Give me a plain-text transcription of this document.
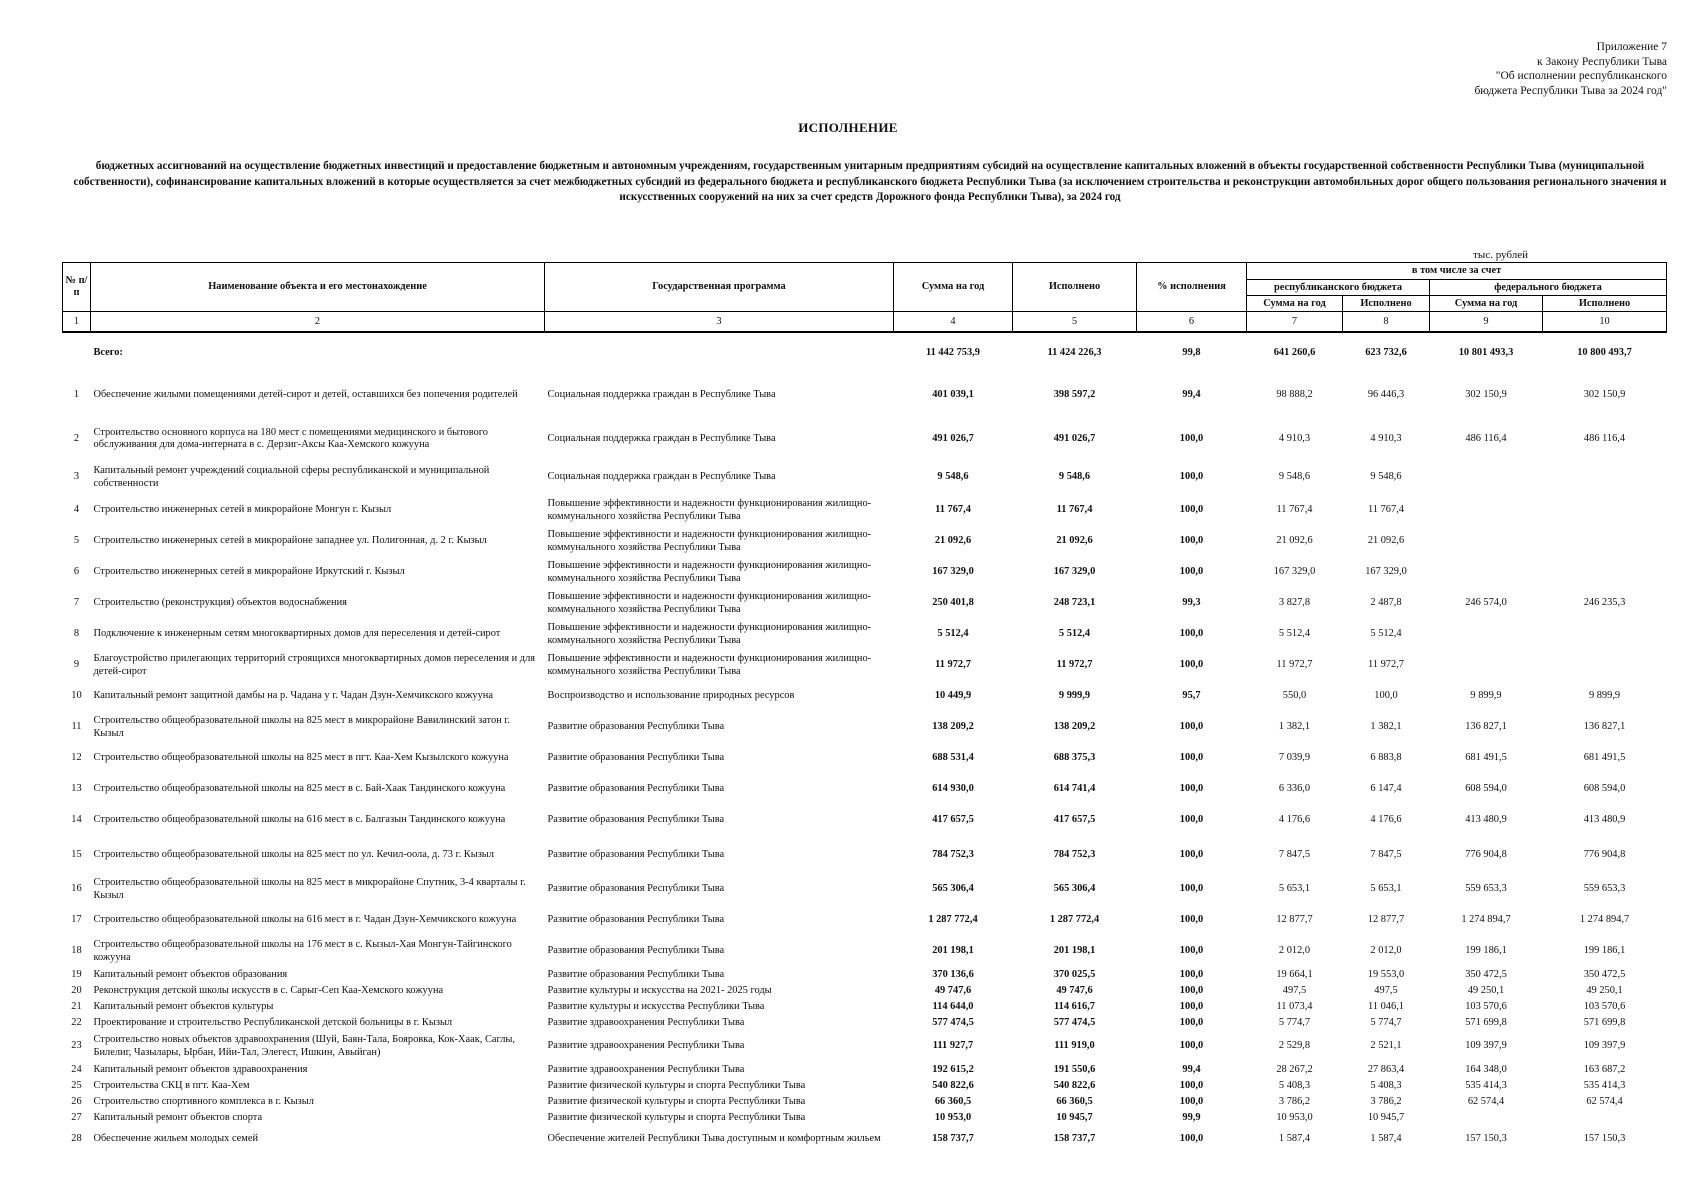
Приложение 7
к Закону Республики Тыва
"Об исполнении республиканского
бюджета Республики Тыва за 2024 год"
ИСПОЛНЕНИЕ
бюджетных ассигнований на осуществление бюджетных инвестиций и предоставление бюджетным и автономным учреждениям, государственным унитарным предприятиям субсидий на осуществление капитальных вложений в объекты государственной собственности Республики Тыва (муниципальной собственности), софинансирование капитальных вложений в которые осуществляется за счет межбюджетных субсидий из федерального бюджета и республиканского бюджета Республики Тыва (за исключением строительства и реконструкции автомобильных дорог общего пользования регионального значения и искусственных сооружений на них за счет средств Дорожного фонда Республики Тыва), за 2024 год
тыс. рублей
№ п/п	Наименование объекта и его местонахождение	Государственная программа	Сумма на год	Исполнено	% исполнения	в том числе за счет			
						республиканского бюджета		федерального бюджета	
						Сумма на год	Исполнено	Сумма на год	Исполнено
1	2	3	4	5	6	7	8	9	10
	Всего:		11 442 753,9	11 424 226,3	99,8	641 260,6	623 732,6	10 801 493,3	10 800 493,7
1	Обеспечение жилыми помещениями детей-сирот и детей, оставшихся без попечения родителей	Социальная поддержка граждан в Республике Тыва	401 039,1	398 597,2	99,4	98 888,2	96 446,3	302 150,9	302 150,9
2	Строительство основного корпуса на 180 мест с помещениями медицинского и бытового обслуживания для дома-интерната в с. Дерзиг-Аксы Каа-Хемского кожууна	Социальная поддержка граждан в Республике Тыва	491 026,7	491 026,7	100,0	4 910,3	4 910,3	486 116,4	486 116,4
3	Капитальный ремонт учреждений социальной сферы республиканской и муниципальной собственности	Социальная поддержка граждан в Республике Тыва	9 548,6	9 548,6	100,0	9 548,6	9 548,6		
4	Строительство инженерных сетей в микрорайоне Монгун г. Кызыл	Повышение эффективности и надежности функционирования жилищно-коммунального хозяйства Республики Тыва	11 767,4	11 767,4	100,0	11 767,4	11 767,4		
5	Строительство инженерных сетей в микрорайоне западнее ул. Полигонная, д. 2 г. Кызыл	Повышение эффективности и надежности функционирования жилищно-коммунального хозяйства Республики Тыва	21 092,6	21 092,6	100,0	21 092,6	21 092,6		
6	Строительство инженерных сетей в микрорайоне Иркутский г. Кызыл	Повышение эффективности и надежности функционирования жилищно-коммунального хозяйства Республики Тыва	167 329,0	167 329,0	100,0	167 329,0	167 329,0		
7	Строительство (реконструкция) объектов водоснабжения	Повышение эффективности и надежности функционирования жилищно-коммунального хозяйства Республики Тыва	250 401,8	248 723,1	99,3	3 827,8	2 487,8	246 574,0	246 235,3
8	Подключение к инженерным сетям многоквартирных домов для переселения и детей-сирот	Повышение эффективности и надежности функционирования жилищно-коммунального хозяйства Республики Тыва	5 512,4	5 512,4	100,0	5 512,4	5 512,4		
9	Благоустройство прилегающих территорий строящихся многоквартирных домов переселения и для детей-сирот	Повышение эффективности и надежности функционирования жилищно-коммунального хозяйства Республики Тыва	11 972,7	11 972,7	100,0	11 972,7	11 972,7		
10	Капитальный ремонт защитной дамбы на р. Чадана у г. Чадан Дзун-Хемчикского кожууна	Воспроизводство и использование природных ресурсов	10 449,9	9 999,9	95,7	550,0	100,0	9 899,9	9 899,9
11	Строительство общеобразовательной школы на 825 мест в микрорайоне Вавилинский затон г. Кызыл	Развитие образования Республики Тыва	138 209,2	138 209,2	100,0	1 382,1	1 382,1	136 827,1	136 827,1
12	Строительство общеобразовательной школы на 825 мест в пгт. Каа-Хем Кызылского кожууна	Развитие образования Республики Тыва	688 531,4	688 375,3	100,0	7 039,9	6 883,8	681 491,5	681 491,5
13	Строительство общеобразовательной школы на 825 мест в с. Бай-Хаак Тандинского кожууна	Развитие образования Республики Тыва	614 930,0	614 741,4	100,0	6 336,0	6 147,4	608 594,0	608 594,0
14	Строительство общеобразовательной школы на 616 мест в с. Балгазын Тандинского кожууна	Развитие образования Республики Тыва	417 657,5	417 657,5	100,0	4 176,6	4 176,6	413 480,9	413 480,9
15	Строительство общеобразовательной школы на 825 мест по ул. Кечил-оола, д. 73 г. Кызыл	Развитие образования Республики Тыва	784 752,3	784 752,3	100,0	7 847,5	7 847,5	776 904,8	776 904,8
16	Строительство общеобразовательной школы на 825 мест в микрорайоне Спутник, 3-4 кварталы г. Кызыл	Развитие образования Республики Тыва	565 306,4	565 306,4	100,0	5 653,1	5 653,1	559 653,3	559 653,3
17	Строительство общеобразовательной школы на 616 мест в г. Чадан Дзун-Хемчикского кожууна	Развитие образования Республики Тыва	1 287 772,4	1 287 772,4	100,0	12 877,7	12 877,7	1 274 894,7	1 274 894,7
18	Строительство общеобразовательной школы на 176 мест в с. Кызыл-Хая Монгун-Тайгинского кожууна	Развитие образования Республики Тыва	201 198,1	201 198,1	100,0	2 012,0	2 012,0	199 186,1	199 186,1
19	Капитальный ремонт объектов образования	Развитие образования Республики Тыва	370 136,6	370 025,5	100,0	19 664,1	19 553,0	350 472,5	350 472,5
20	Реконструкция детской школы искусств в с. Сарыг-Сеп Каа-Хемского кожууна	Развитие культуры и искусства на 2021- 2025 годы	49 747,6	49 747,6	100,0	497,5	497,5	49 250,1	49 250,1
21	Капитальный ремонт объектов культуры	Развитие культуры и искусства Республики Тыва	114 644,0	114 616,7	100,0	11 073,4	11 046,1	103 570,6	103 570,6
22	Проектирование и строительство Республиканской детской больницы в г. Кызыл	Развитие здравоохранения Республики Тыва	577 474,5	577 474,5	100,0	5 774,7	5 774,7	571 699,8	571 699,8
23	Строительство новых объектов здравоохранения (Шуй, Баян-Тала, Бояровка, Кок-Хаак, Саглы, Билелиг, Чазылары, Ырбан, Ийи-Тал, Элегест, Ишкин, Авыйган)	Развитие здравоохранения Республики Тыва	111 927,7	111 919,0	100,0	2 529,8	2 521,1	109 397,9	109 397,9
24	Капитальный ремонт объектов здравоохранения	Развитие здравоохранения Республики Тыва	192 615,2	191 550,6	99,4	28 267,2	27 863,4	164 348,0	163 687,2
25	Строительства СКЦ в пгт. Каа-Хем	Развитие физической культуры и спорта Республики Тыва	540 822,6	540 822,6	100,0	5 408,3	5 408,3	535 414,3	535 414,3
26	Строительство спортивного комплекса в г. Кызыл	Развитие физической культуры и спорта Республики Тыва	66 360,5	66 360,5	100,0	3 786,2	3 786,2	62 574,4	62 574,4
27	Капитальный ремонт объектов спорта	Развитие физической культуры и спорта Республики Тыва	10 953,0	10 945,7	99,9	10 953,0	10 945,7		
28	Обеспечение жильем молодых семей	Обеспечение жителей Республики Тыва доступным и комфортным жильем	158 737,7	158 737,7	100,0	1 587,4	1 587,4	157 150,3	157 150,3
